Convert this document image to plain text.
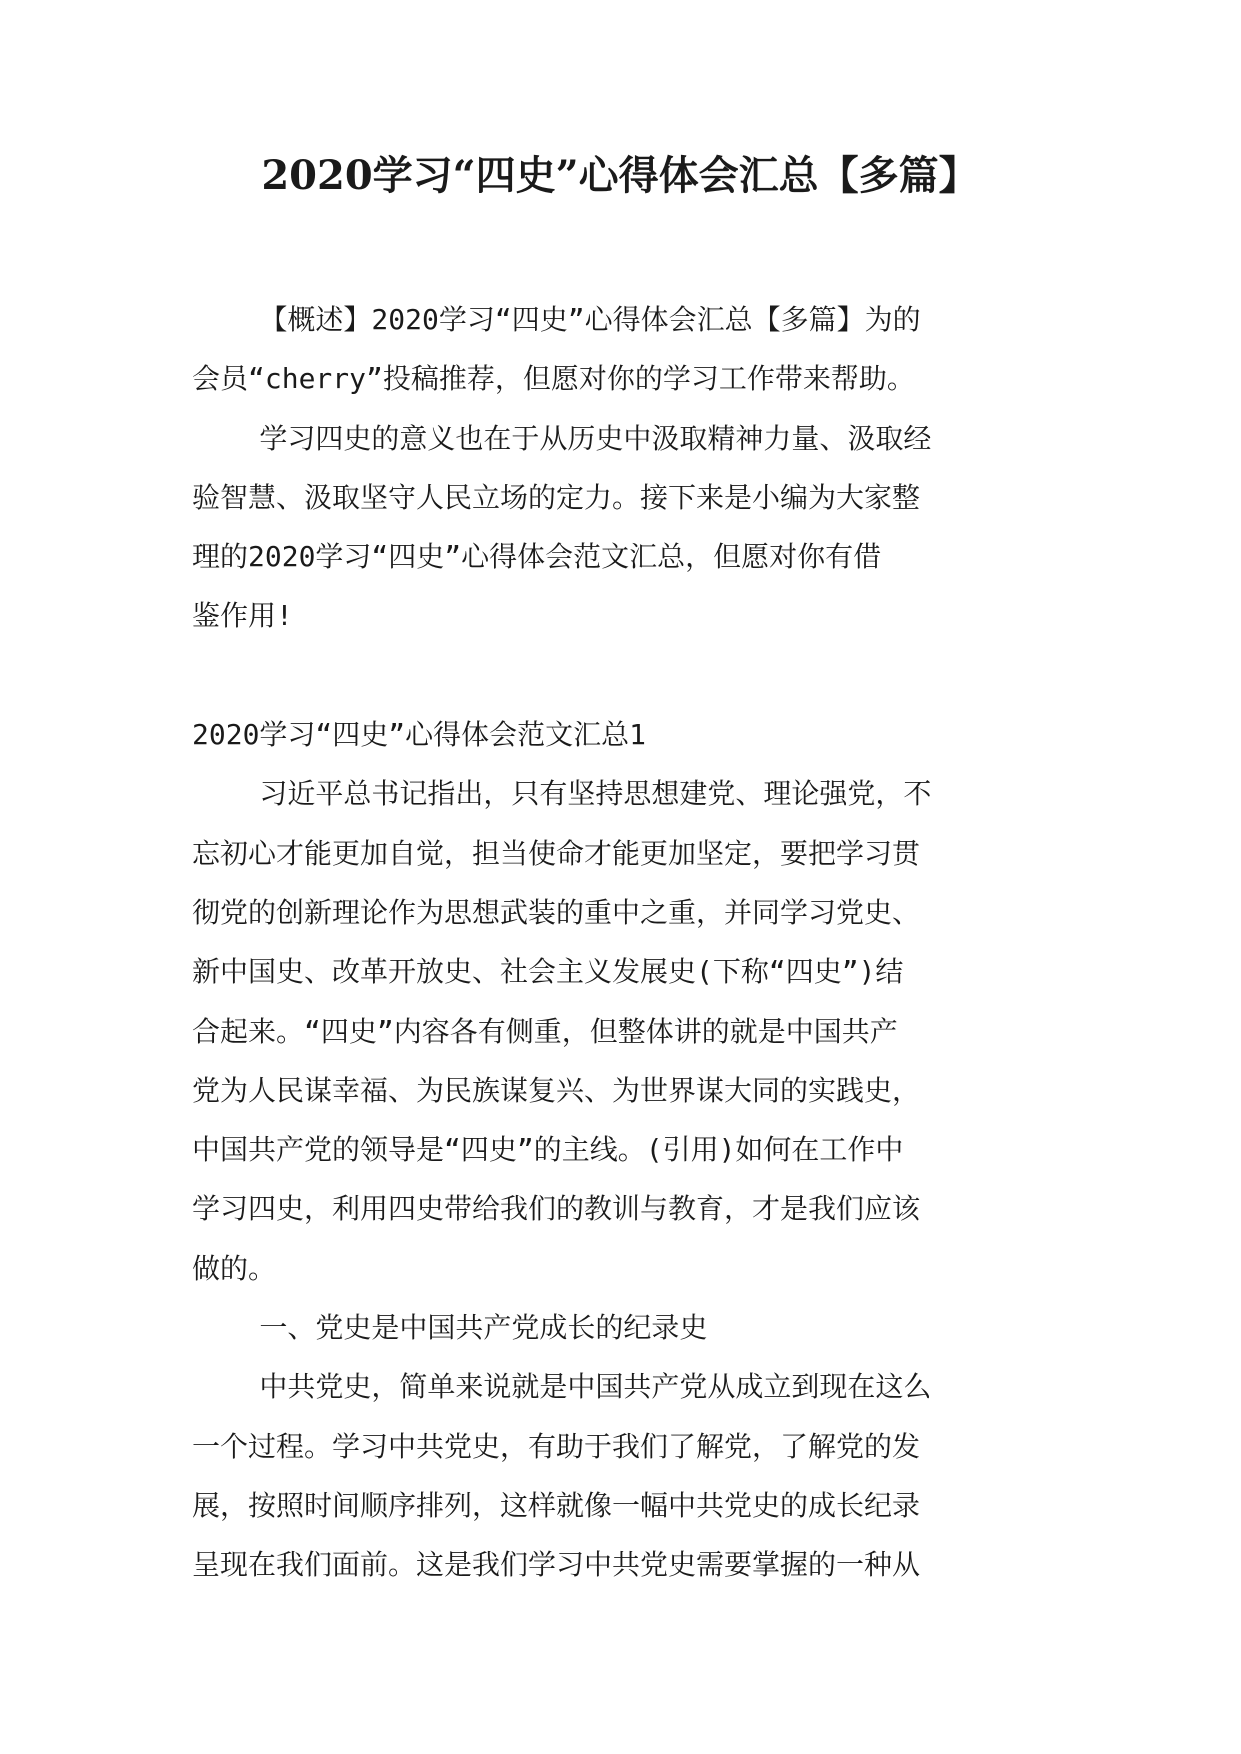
2020学习“四史”心得体会汇总【多篇】
【概述】2020学习“四史”心得体会汇总【多篇】为的
会员“cherry”投稿推荐，但愿对你的学习工作带来帮助。
学习四史的意义也在于从历史中汲取精神力量、汲取经
验智慧、汲取坚守人民立场的定力。接下来是小编为大家整
理的2020学习“四史”心得体会范文汇总，但愿对你有借
鉴作用!
2020学习“四史”心得体会范文汇总1
习近平总书记指出，只有坚持思想建党、理论强党，不
忘初心才能更加自觉，担当使命才能更加坚定，要把学习贯
彻党的创新理论作为思想武装的重中之重，并同学习党史、
新中国史、改革开放史、社会主义发展史(下称“四史”)结
合起来。“四史”内容各有侧重，但整体讲的就是中国共产
党为人民谋幸福、为民族谋复兴、为世界谋大同的实践史，
中国共产党的领导是“四史”的主线。(引用)如何在工作中
学习四史，利用四史带给我们的教训与教育，才是我们应该
做的。
一、党史是中国共产党成长的纪录史
中共党史，简单来说就是中国共产党从成立到现在这么
一个过程。学习中共党史，有助于我们了解党，了解党的发
展，按照时间顺序排列，这样就像一幅中共党史的成长纪录
呈现在我们面前。这是我们学习中共党史需要掌握的一种从
